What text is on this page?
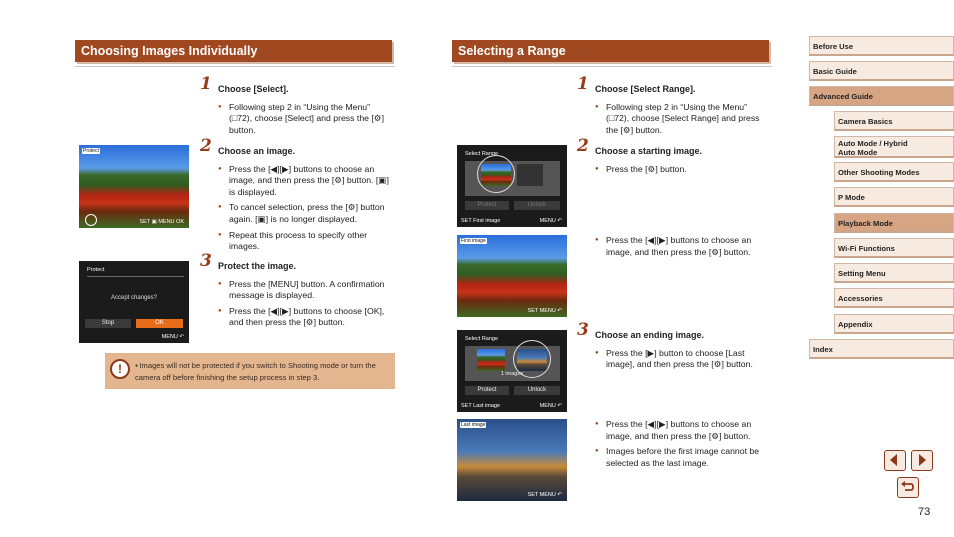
Choosing Images Individually
1 Choose [Select].
● Following step 2 in “Using the Menu” (□72), choose [Select] and press the [⚙] button.
2 Choose an image.
● Press the [◀][▶] buttons to choose an image, and then press the [⚙] button. [▣] is displayed.
● To cancel selection, press the [⚙] button again. [▣] is no longer displayed.
● Repeat this process to specify other images.
3 Protect the image.
● Press the [MENU] button. A confirmation message is displayed.
● Press the [◀][▶] buttons to choose [OK], and then press the [⚙] button.
Protect
SET ▣ MENU OK
Protect
Accept changes?
Stop	OK
MENU ↶
!
●	Images will not be protected if you switch to Shooting mode or turn the camera off before finishing the setup process in step 3.
Selecting a Range
1 Choose [Select Range].
● Following step 2 in “Using the Menu” (□72), choose [Select Range] and press the [⚙] button.
2 Choose a starting image.
● Press the [⚙] button.
● Press the [◀][▶] buttons to choose an image, and then press the [⚙] button.
3 Choose an ending image.
● Press the [▶] button to choose [Last image], and then press the [⚙] button.
● Press the [◀][▶] buttons to choose an image, and then press the [⚙] button.
● Images before the first image cannot be selected as the last image.
Select Range
Protect	Unlock
SET First image	MENU ↶
First image
SET MENU ↶
Select Range
1 images
Protect	Unlock
SET Last image	MENU ↶
Last image
SET MENU ↶
Before Use
Basic Guide
Advanced Guide
Camera Basics
Auto Mode / Hybrid Auto Mode
Other Shooting Modes
P Mode
Playback Mode
Wi-Fi Functions
Setting Menu
Accessories
Appendix
Index
73
